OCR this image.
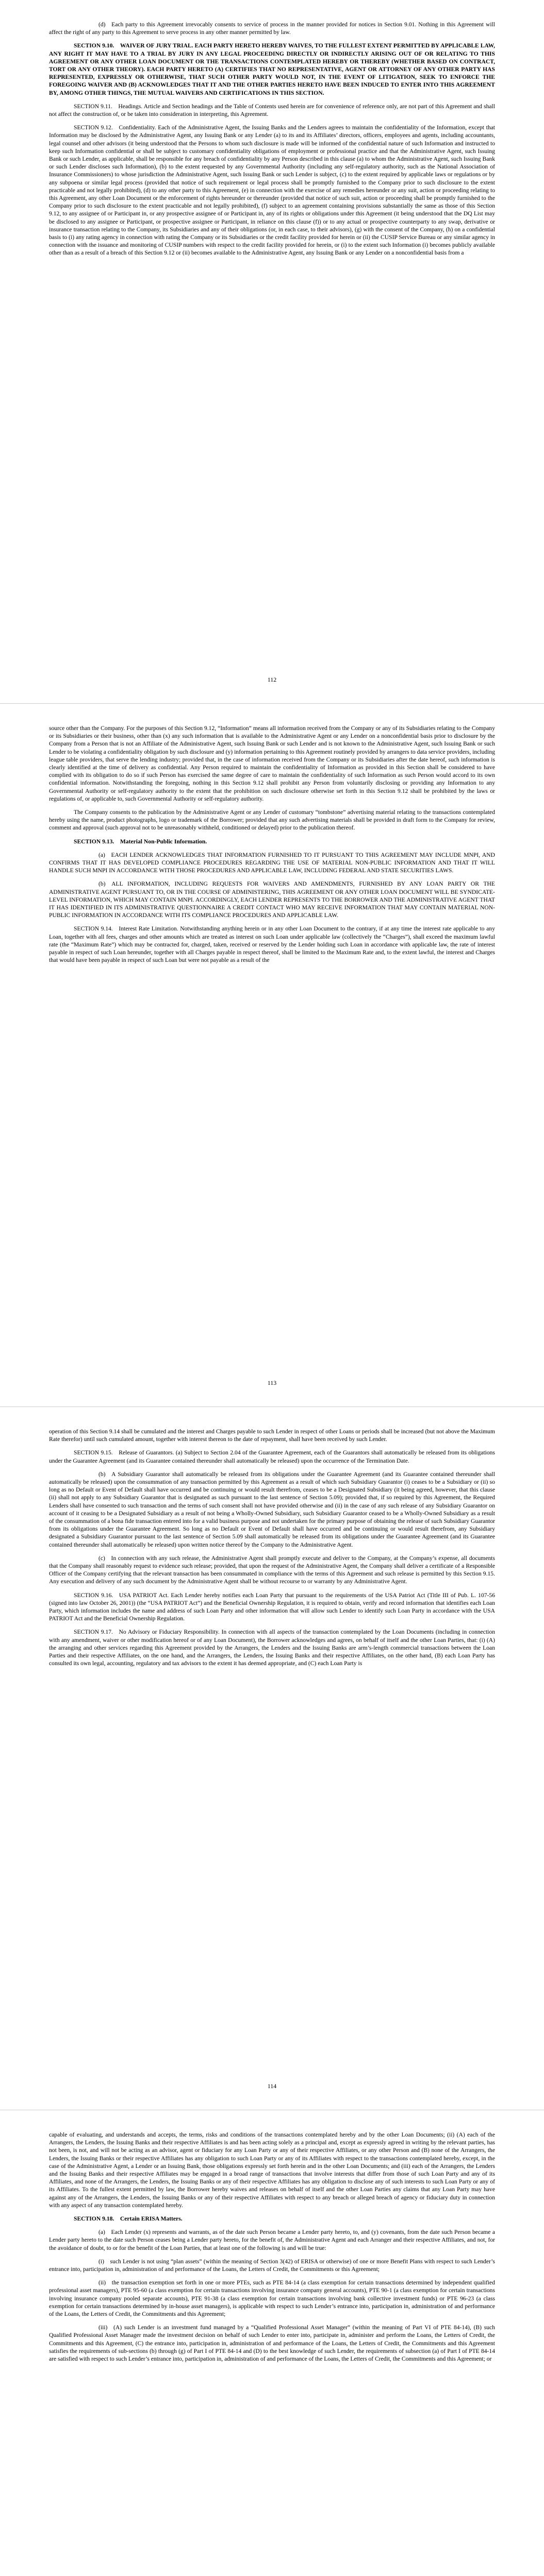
(d) Each party to this Agreement irrevocably consents to service of process in the manner provided for notices in Section 9.01. Nothing in this Agreement will affect the right of any party to this Agreement to serve process in any other manner permitted by law.

SECTION 9.10. WAIVER OF JURY TRIAL. EACH PARTY HERETO HEREBY WAIVES, TO THE FULLEST EXTENT PERMITTED BY APPLICABLE LAW, ANY RIGHT IT MAY HAVE TO A TRIAL BY JURY IN ANY LEGAL PROCEEDING DIRECTLY OR INDIRECTLY ARISING OUT OF OR RELATING TO THIS AGREEMENT OR ANY OTHER LOAN DOCUMENT OR THE TRANSACTIONS CONTEMPLATED HEREBY OR THEREBY (WHETHER BASED ON CONTRACT, TORT OR ANY OTHER THEORY). EACH PARTY HERETO (A) CERTIFIES THAT NO REPRESENTATIVE, AGENT OR ATTORNEY OF ANY OTHER PARTY HAS REPRESENTED, EXPRESSLY OR OTHERWISE, THAT SUCH OTHER PARTY WOULD NOT, IN THE EVENT OF LITIGATION, SEEK TO ENFORCE THE FOREGOING WAIVER AND (B) ACKNOWLEDGES THAT IT AND THE OTHER PARTIES HERETO HAVE BEEN INDUCED TO ENTER INTO THIS AGREEMENT BY, AMONG OTHER THINGS, THE MUTUAL WAIVERS AND CERTIFICATIONS IN THIS SECTION.

SECTION 9.11. Headings. Article and Section headings and the Table of Contents used herein are for convenience of reference only, are not part of this Agreement and shall not affect the construction of, or be taken into consideration in interpreting, this Agreement.

SECTION 9.12. Confidentiality. Each of the Administrative Agent, the Issuing Banks and the Lenders agrees to maintain the confidentiality of the Information, except that Information may be disclosed by the Administrative Agent, any Issuing Bank or any Lender (a) to its and its Affiliates’ directors, officers, employees and agents, including accountants, legal counsel and other advisors (it being understood that the Persons to whom such disclosure is made will be informed of the confidential nature of such Information and instructed to keep such Information confidential or shall be subject to customary confidentiality obligations of employment or professional practice and that the Administrative Agent, such Issuing Bank or such Lender, as applicable, shall be responsible for any breach of confidentiality by any Person described in this clause (a) to whom the Administrative Agent, such Issuing Bank or such Lender discloses such Information), (b) to the extent requested by any Governmental Authority (including any self-regulatory authority, such as the National Association of Insurance Commissioners) to whose jurisdiction the Administrative Agent, such Issuing Bank or such Lender is subject, (c) to the extent required by applicable laws or regulations or by any subpoena or similar legal process (provided that notice of such requirement or legal process shall be promptly furnished to the Company prior to such disclosure to the extent practicable and not legally prohibited), (d) to any other party to this Agreement, (e) in connection with the exercise of any remedies hereunder or any suit, action or proceeding relating to this Agreement, any other Loan Document or the enforcement of rights hereunder or thereunder (provided that notice of such suit, action or proceeding shall be promptly furnished to the Company prior to such disclosure to the extent practicable and not legally prohibited), (f) subject to an agreement containing provisions substantially the same as those of this Section 9.12, to any assignee of or Participant in, or any prospective assignee of or Participant in, any of its rights or obligations under this Agreement (it being understood that the DQ List may be disclosed to any assignee or Participant, or prospective assignee or Participant, in reliance on this clause (f)) or to any actual or prospective counterparty to any swap, derivative or insurance transaction relating to the Company, its Subsidiaries and any of their obligations (or, in each case, to their advisors), (g) with the consent of the Company, (h) on a confidential basis to (i) any rating agency in connection with rating the Company or its Subsidiaries or the credit facility provided for herein or (ii) the CUSIP Service Bureau or any similar agency in connection with the issuance and monitoring of CUSIP numbers with respect to the credit facility provided for herein, or (i) to the extent such Information (i) becomes publicly available other than as a result of a breach of this Section 9.12 or (ii) becomes available to the Administrative Agent, any Issuing Bank or any Lender on a nonconfidential basis from a

112

source other than the Company. For the purposes of this Section 9.12, “Information” means all information received from the Company or any of its Subsidiaries relating to the Company or its Subsidiaries or their business, other than (x) any such information that is available to the Administrative Agent or any Lender on a nonconfidential basis prior to disclosure by the Company from a Person that is not an Affiliate of the Administrative Agent, such Issuing Bank or such Lender and is not known to the Administrative Agent, such Issuing Bank or such Lender to be violating a confidentiality obligation by such disclosure and (y) information pertaining to this Agreement routinely provided by arrangers to data service providers, including league table providers, that serve the lending industry; provided that, in the case of information received from the Company or its Subsidiaries after the date hereof, such information is clearly identified at the time of delivery as confidential. Any Person required to maintain the confidentiality of Information as provided in this Section shall be considered to have complied with its obligation to do so if such Person has exercised the same degree of care to maintain the confidentiality of such Information as such Person would accord to its own confidential information. Notwithstanding the foregoing, nothing in this Section 9.12 shall prohibit any Person from voluntarily disclosing or providing any Information to any Governmental Authority or self-regulatory authority to the extent that the prohibition on such disclosure otherwise set forth in this Section 9.12 shall be prohibited by the laws or regulations of, or applicable to, such Governmental Authority or self-regulatory authority.

The Company consents to the publication by the Administrative Agent or any Lender of customary “tombstone” advertising material relating to the transactions contemplated hereby using the name, product photographs, logo or trademark of the Borrower; provided that any such advertising materials shall be provided in draft form to the Company for review, comment and approval (such approval not to be unreasonably withheld, conditioned or delayed) prior to the publication thereof.

SECTION 9.13. Material Non-Public Information.

(a) EACH LENDER ACKNOWLEDGES THAT INFORMATION FURNISHED TO IT PURSUANT TO THIS AGREEMENT MAY INCLUDE MNPI, AND CONFIRMS THAT IT HAS DEVELOPED COMPLIANCE PROCEDURES REGARDING THE USE OF MATERIAL NON-PUBLIC INFORMATION AND THAT IT WILL HANDLE SUCH MNPI IN ACCORDANCE WITH THOSE PROCEDURES AND APPLICABLE LAW, INCLUDING FEDERAL AND STATE SECURITIES LAWS.

(b) ALL INFORMATION, INCLUDING REQUESTS FOR WAIVERS AND AMENDMENTS, FURNISHED BY ANY LOAN PARTY OR THE ADMINISTRATIVE AGENT PURSUANT TO, OR IN THE COURSE OF ADMINISTERING, THIS AGREEMENT OR ANY OTHER LOAN DOCUMENT WILL BE SYNDICATE-LEVEL INFORMATION, WHICH MAY CONTAIN MNPI. ACCORDINGLY, EACH LENDER REPRESENTS TO THE BORROWER AND THE ADMINISTRATIVE AGENT THAT IT HAS IDENTIFIED IN ITS ADMINISTRATIVE QUESTIONNAIRE A CREDIT CONTACT WHO MAY RECEIVE INFORMATION THAT MAY CONTAIN MATERIAL NON-PUBLIC INFORMATION IN ACCORDANCE WITH ITS COMPLIANCE PROCEDURES AND APPLICABLE LAW.

SECTION 9.14. Interest Rate Limitation. Notwithstanding anything herein or in any other Loan Document to the contrary, if at any time the interest rate applicable to any Loan, together with all fees, charges and other amounts which are treated as interest on such Loan under applicable law (collectively the “Charges”), shall exceed the maximum lawful rate (the “Maximum Rate”) which may be contracted for, charged, taken, received or reserved by the Lender holding such Loan in accordance with applicable law, the rate of interest payable in respect of such Loan hereunder, together with all Charges payable in respect thereof, shall be limited to the Maximum Rate and, to the extent lawful, the interest and Charges that would have been payable in respect of such Loan but were not payable as a result of the

113

operation of this Section 9.14 shall be cumulated and the interest and Charges payable to such Lender in respect of other Loans or periods shall be increased (but not above the Maximum Rate therefor) until such cumulated amount, together with interest thereon to the date of repayment, shall have been received by such Lender.

SECTION 9.15. Release of Guarantors. (a) Subject to Section 2.04 of the Guarantee Agreement, each of the Guarantors shall automatically be released from its obligations under the Guarantee Agreement (and its Guarantee contained thereunder shall automatically be released) upon the occurrence of the Termination Date.

(b) A Subsidiary Guarantor shall automatically be released from its obligations under the Guarantee Agreement (and its Guarantee contained thereunder shall automatically be released) upon the consummation of any transaction permitted by this Agreement as a result of which such Subsidiary Guarantor (i) ceases to be a Subsidiary or (ii) so long as no Default or Event of Default shall have occurred and be continuing or would result therefrom, ceases to be a Designated Subsidiary (it being agreed, however, that this clause (ii) shall not apply to any Subsidiary Guarantor that is designated as such pursuant to the last sentence of Section 5.09); provided that, if so required by this Agreement, the Required Lenders shall have consented to such transaction and the terms of such consent shall not have provided otherwise and (ii) in the case of any such release of any Subsidiary Guarantor on account of it ceasing to be a Designated Subsidiary as a result of not being a Wholly-Owned Subsidiary, such Subsidiary Guarantor ceased to be a Wholly-Owned Subsidiary as a result of the consummation of a bona fide transaction entered into for a valid business purpose and not undertaken for the primary purpose of obtaining the release of such Subsidiary Guarantor from its obligations under the Guarantee Agreement. So long as no Default or Event of Default shall have occurred and be continuing or would result therefrom, any Subsidiary designated a Subsidiary Guarantor pursuant to the last sentence of Section 5.09 shall automatically be released from its obligations under the Guarantee Agreement (and its Guarantee contained thereunder shall automatically be released) upon written notice thereof by the Company to the Administrative Agent.

(c) In connection with any such release, the Administrative Agent shall promptly execute and deliver to the Company, at the Company’s expense, all documents that the Company shall reasonably request to evidence such release; provided, that upon the request of the Administrative Agent, the Company shall deliver a certificate of a Responsible Officer of the Company certifying that the relevant transaction has been consummated in compliance with the terms of this Agreement and such release is permitted by this Section 9.15. Any execution and delivery of any such document by the Administrative Agent shall be without recourse to or warranty by any Administrative Agent.

SECTION 9.16. USA PATRIOT Act. Each Lender hereby notifies each Loan Party that pursuant to the requirements of the USA Patriot Act (Title III of Pub. L. 107-56 (signed into law October 26, 2001)) (the “USA PATRIOT Act”) and the Beneficial Ownership Regulation, it is required to obtain, verify and record information that identifies each Loan Party, which information includes the name and address of such Loan Party and other information that will allow such Lender to identify such Loan Party in accordance with the USA PATRIOT Act and the Beneficial Ownership Regulation.

SECTION 9.17. No Advisory or Fiduciary Responsibility. In connection with all aspects of the transaction contemplated by the Loan Documents (including in connection with any amendment, waiver or other modification hereof or of any Loan Document), the Borrower acknowledges and agrees, on behalf of itself and the other Loan Parties, that: (i) (A) the arranging and other services regarding this Agreement provided by the Arrangers, the Lenders and the Issuing Banks are arm’s-length commercial transactions between the Loan Parties and their respective Affiliates, on the one hand, and the Arrangers, the Lenders, the Issuing Banks and their respective Affiliates, on the other hand, (B) each Loan Party has consulted its own legal, accounting, regulatory and tax advisors to the extent it has deemed appropriate, and (C) each Loan Party is

114

capable of evaluating, and understands and accepts, the terms, risks and conditions of the transactions contemplated hereby and by the other Loan Documents; (ii) (A) each of the Arrangers, the Lenders, the Issuing Banks and their respective Affiliates is and has been acting solely as a principal and, except as expressly agreed in writing by the relevant parties, has not been, is not, and will not be acting as an advisor, agent or fiduciary for any Loan Party or any of their respective Affiliates, or any other Person and (B) none of the Arrangers, the Lenders, the Issuing Banks or their respective Affiliates has any obligation to such Loan Party or any of its Affiliates with respect to the transactions contemplated hereby, except, in the case of the Administrative Agent, a Lender or an Issuing Bank, those obligations expressly set forth herein and in the other Loan Documents; and (iii) each of the Arrangers, the Lenders and the Issuing Banks and their respective Affiliates may be engaged in a broad range of transactions that involve interests that differ from those of such Loan Party and any of its Affiliates, and none of the Arrangers, the Lenders, the Issuing Banks or any of their respective Affiliates has any obligation to disclose any of such interests to such Loan Party or any of its Affiliates. To the fullest extent permitted by law, the Borrower hereby waives and releases on behalf of itself and the other Loan Parties any claims that any Loan Party may have against any of the Arrangers, the Lenders, the Issuing Banks or any of their respective Affiliates with respect to any breach or alleged breach of agency or fiduciary duty in connection with any aspect of any transaction contemplated hereby.

SECTION 9.18. Certain ERISA Matters.

(a) Each Lender (x) represents and warrants, as of the date such Person became a Lender party hereto, to, and (y) covenants, from the date such Person became a Lender party hereto to the date such Person ceases being a Lender party hereto, for the benefit of, the Administrative Agent and each Arranger and their respective Affiliates, and not, for the avoidance of doubt, to or for the benefit of the Loan Parties, that at least one of the following is and will be true:

(i) such Lender is not using “plan assets” (within the meaning of Section 3(42) of ERISA or otherwise) of one or more Benefit Plans with respect to such Lender’s entrance into, participation in, administration of and performance of the Loans, the Letters of Credit, the Commitments or this Agreement;

(ii) the transaction exemption set forth in one or more PTEs, such as PTE 84-14 (a class exemption for certain transactions determined by independent qualified professional asset managers), PTE 95-60 (a class exemption for certain transactions involving insurance company general accounts), PTE 90-1 (a class exemption for certain transactions involving insurance company pooled separate accounts), PTE 91-38 (a class exemption for certain transactions involving bank collective investment funds) or PTE 96-23 (a class exemption for certain transactions determined by in-house asset managers), is applicable with respect to such Lender’s entrance into, participation in, administration of and performance of the Loans, the Letters of Credit, the Commitments and this Agreement;

(iii) (A) such Lender is an investment fund managed by a “Qualified Professional Asset Manager” (within the meaning of Part VI of PTE 84-14), (B) such Qualified Professional Asset Manager made the investment decision on behalf of such Lender to enter into, participate in, administer and perform the Loans, the Letters of Credit, the Commitments and this Agreement, (C) the entrance into, participation in, administration of and performance of the Loans, the Letters of Credit, the Commitments and this Agreement satisfies the requirements of sub-sections (b) through (g) of Part I of PTE 84-14 and (D) to the best knowledge of such Lender, the requirements of subsection (a) of Part I of PTE 84-14 are satisfied with respect to such Lender’s entrance into, participation in, administration of and performance of the Loans, the Letters of Credit, the Commitments and this Agreement; or
